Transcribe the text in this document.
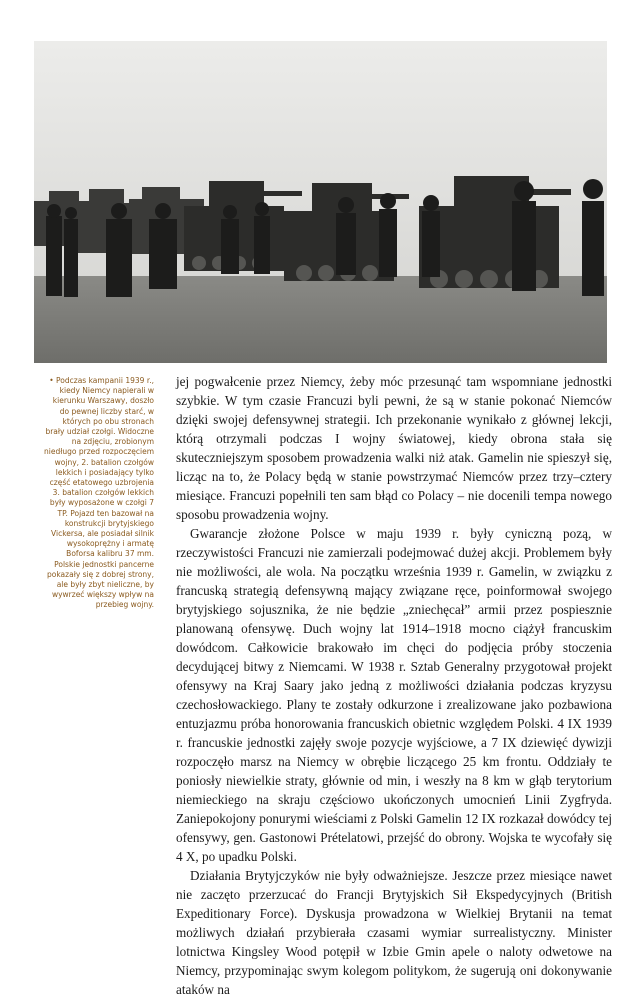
• Podczas kampanii 1939 r., kiedy Niemcy napierali w kierunku Warszawy, doszło do pewnej liczby starć, w których po obu stronach brały udział czołgi. Widoczne na zdjęciu, zrobionym niedługo przed rozpoczęciem wojny, 2. batalion czołgów lekkich i posiadający tylko część etatowego uzbrojenia 3. batalion czołgów lekkich były wyposażone w czołgi 7 TP. Pojazd ten bazował na konstrukcji brytyjskiego Vickersa, ale posiadał silnik wysokoprężny i armatę Boforsa kalibru 37 mm. Polskie jednostki pancerne pokazały się z dobrej strony, ale były zbyt nieliczne, by wywrzeć większy wpływ na przebieg wojny.

jej pogwałcenie przez Niemcy, żeby móc przesunąć tam wspomniane jednostki szybkie. W tym czasie Francuzi byli pewni, że są w stanie pokonać Niemców dzięki swojej defensywnej strategii. Ich przekonanie wynikało z głównej lekcji, którą otrzymali podczas I wojny światowej, kiedy obrona stała się skuteczniejszym sposobem prowadzenia walki niż atak. Gamelin nie spieszył się, licząc na to, że Polacy będą w stanie powstrzymać Niemców przez trzy–cztery miesiące. Francuzi popełnili ten sam błąd co Polacy – nie docenili tempa nowego sposobu prowadzenia wojny.

Gwarancje złożone Polsce w maju 1939 r. były cyniczną pozą, w rzeczywistości Francuzi nie zamierzali podejmować dużej akcji. Problemem były nie możliwości, ale wola. Na początku września 1939 r. Gamelin, w związku z francuską strategią defensywną mający związane ręce, poinformował swojego brytyjskiego sojusznika, że nie będzie „zniechęcał” armii przez pospiesznie planowaną ofensywę. Duch wojny lat 1914–1918 mocno ciążył francuskim dowódcom. Całkowicie brakowało im chęci do podjęcia próby stoczenia decydującej bitwy z Niemcami. W 1938 r. Sztab Generalny przygotował projekt ofensywy na Kraj Saary jako jedną z możliwości działania podczas kryzysu czechosłowackiego. Plany te zostały odkurzone i zrealizowane jako pozbawiona entuzjazmu próba honorowania francuskich obietnic względem Polski. 4 IX 1939 r. francuskie jednostki zajęły swoje pozycje wyjściowe, a 7 IX dziewięć dywizji rozpoczęło marsz na Niemcy w obrębie liczącego 25 km frontu. Oddziały te poniosły niewielkie straty, głównie od min, i weszły na 8 km w głąb terytorium niemieckiego na skraju częściowo ukończonych umocnień Linii Zygfryda. Zaniepokojony ponurymi wieściami z Polski Gamelin 12 IX rozkazał dowódcy tej ofensywy, gen. Gastonowi Prételatowi, przejść do obrony. Wojska te wycofały się 4 X, po upadku Polski.

Działania Brytyjczyków nie były odważniejsze. Jeszcze przez miesiące nawet nie zaczęto przerzucać do Francji Brytyjskich Sił Ekspedycyjnych (British Expeditionary Force). Dyskusja prowadzona w Wielkiej Brytanii na temat możliwych działań przybierała czasami wymiar surrealistyczny. Minister lotnictwa Kingsley Wood potępił w Izbie Gmin apele o naloty odwetowe na Niemcy, przypominając swym kolegom politykom, że sugerują oni dokonywanie ataków na
